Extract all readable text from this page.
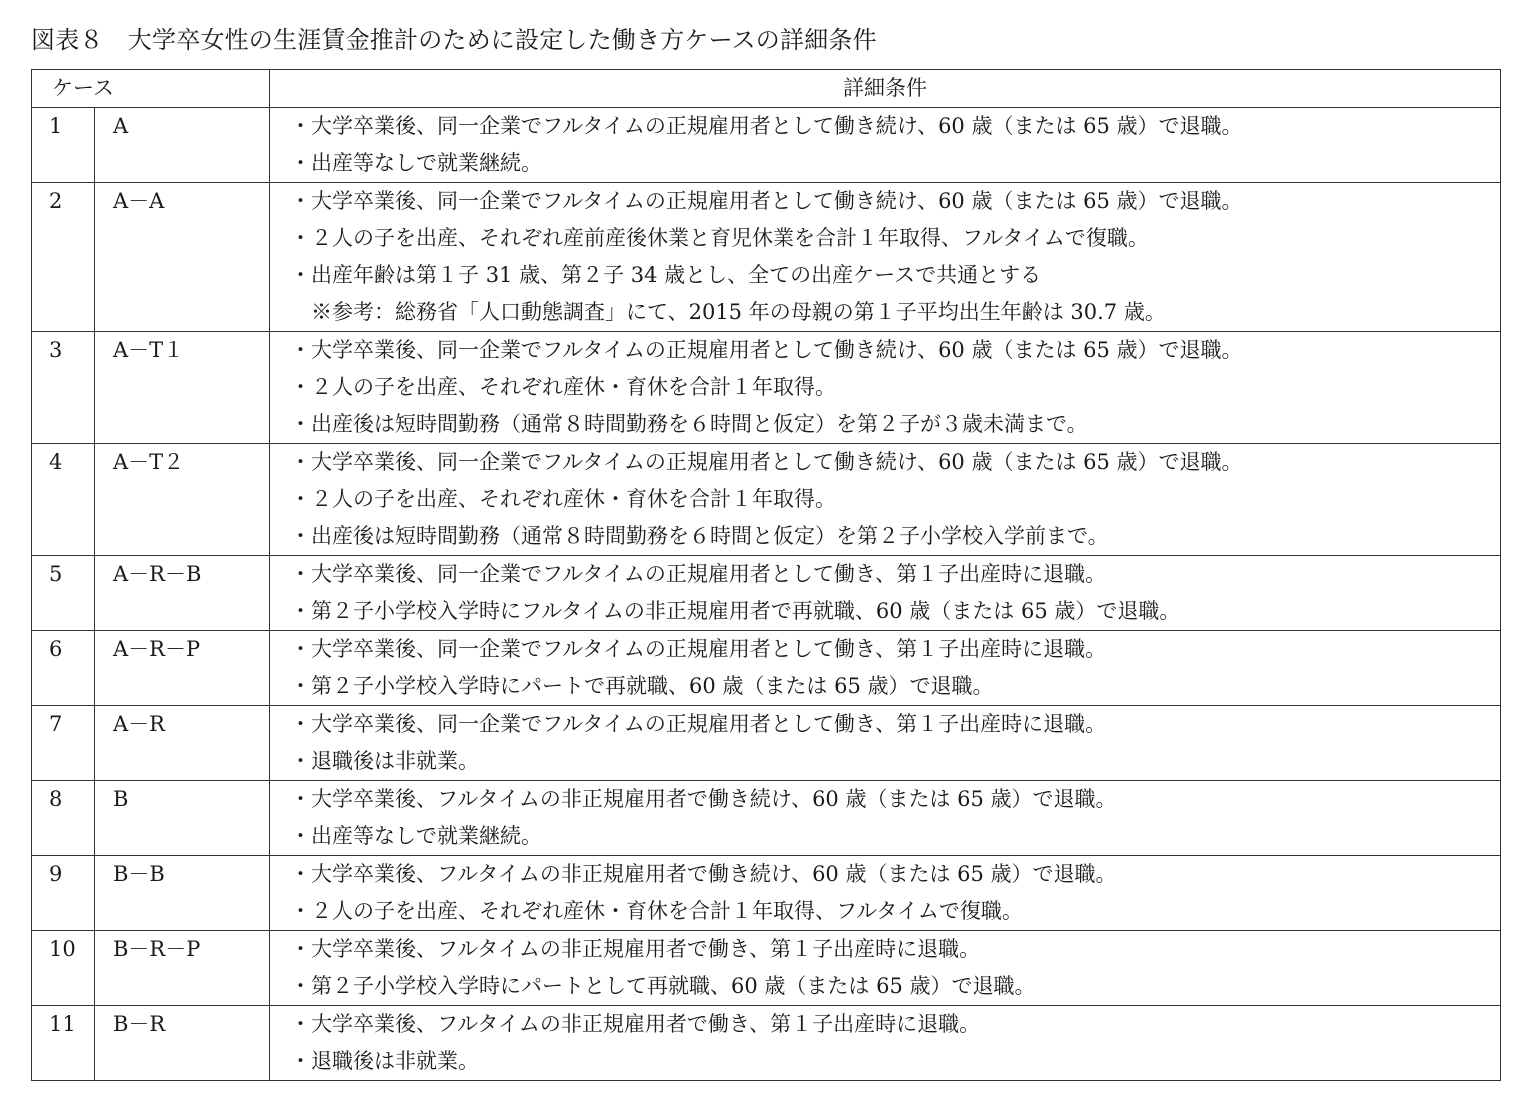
図表８　大学卒女性の生涯賃金推計のために設定した働き方ケースの詳細条件
ケース		詳細条件
1	A	・大学卒業後、同一企業でフルタイムの正規雇用者として働き続け、60 歳（または 65 歳）で退職。
・出産等なしで就業継続。

2	A－A	・大学卒業後、同一企業でフルタイムの正規雇用者として働き続け、60 歳（または 65 歳）で退職。
・２人の子を出産、それぞれ産前産後休業と育児休業を合計１年取得、フルタイムで復職。
・出産年齢は第１子 31 歳、第２子 34 歳とし、全ての出産ケースで共通とする
　※参考：総務省「人口動態調査」にて、2015 年の母親の第１子平均出生年齢は 30.7 歳。

3	A－T１	・大学卒業後、同一企業でフルタイムの正規雇用者として働き続け、60 歳（または 65 歳）で退職。
・２人の子を出産、それぞれ産休・育休を合計１年取得。
・出産後は短時間勤務（通常８時間勤務を６時間と仮定）を第２子が３歳未満まで。

4	A－T２	・大学卒業後、同一企業でフルタイムの正規雇用者として働き続け、60 歳（または 65 歳）で退職。
・２人の子を出産、それぞれ産休・育休を合計１年取得。
・出産後は短時間勤務（通常８時間勤務を６時間と仮定）を第２子小学校入学前まで。

5	A－R－B	・大学卒業後、同一企業でフルタイムの正規雇用者として働き、第１子出産時に退職。
・第２子小学校入学時にフルタイムの非正規雇用者で再就職、60 歳（または 65 歳）で退職。

6	A－R－P	・大学卒業後、同一企業でフルタイムの正規雇用者として働き、第１子出産時に退職。
・第２子小学校入学時にパートで再就職、60 歳（または 65 歳）で退職。

7	A－R	・大学卒業後、同一企業でフルタイムの正規雇用者として働き、第１子出産時に退職。
・退職後は非就業。

8	B	・大学卒業後、フルタイムの非正規雇用者で働き続け、60 歳（または 65 歳）で退職。
・出産等なしで就業継続。

9	B－B	・大学卒業後、フルタイムの非正規雇用者で働き続け、60 歳（または 65 歳）で退職。
・２人の子を出産、それぞれ産休・育休を合計１年取得、フルタイムで復職。

10	B－R－P	・大学卒業後、フルタイムの非正規雇用者で働き、第１子出産時に退職。
・第２子小学校入学時にパートとして再就職、60 歳（または 65 歳）で退職。

11	B－R	・大学卒業後、フルタイムの非正規雇用者で働き、第１子出産時に退職。
・退職後は非就業。
